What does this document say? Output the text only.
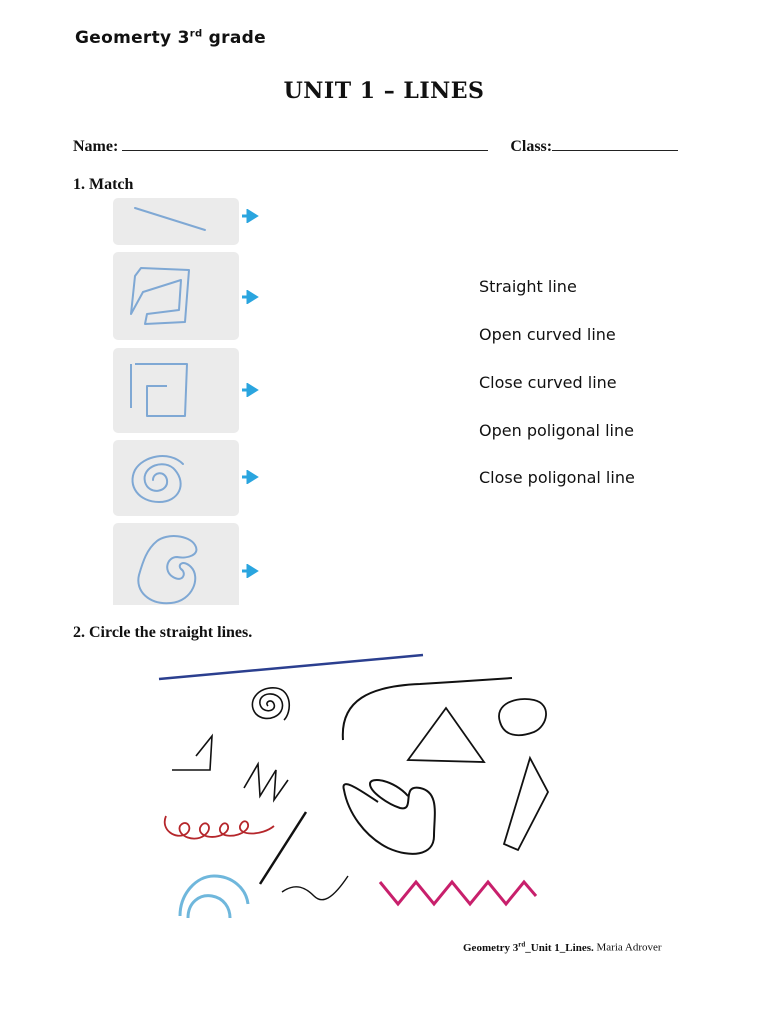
Geomerty 3rd grade
UNIT 1 – LINES
Name:	Class:
1. Match
Straight line
Open curved line
Close curved line
Open poligonal line
Close poligonal line
2. Circle the straight lines.
Geometry 3rd_Unit 1_Lines. Maria Adrover
